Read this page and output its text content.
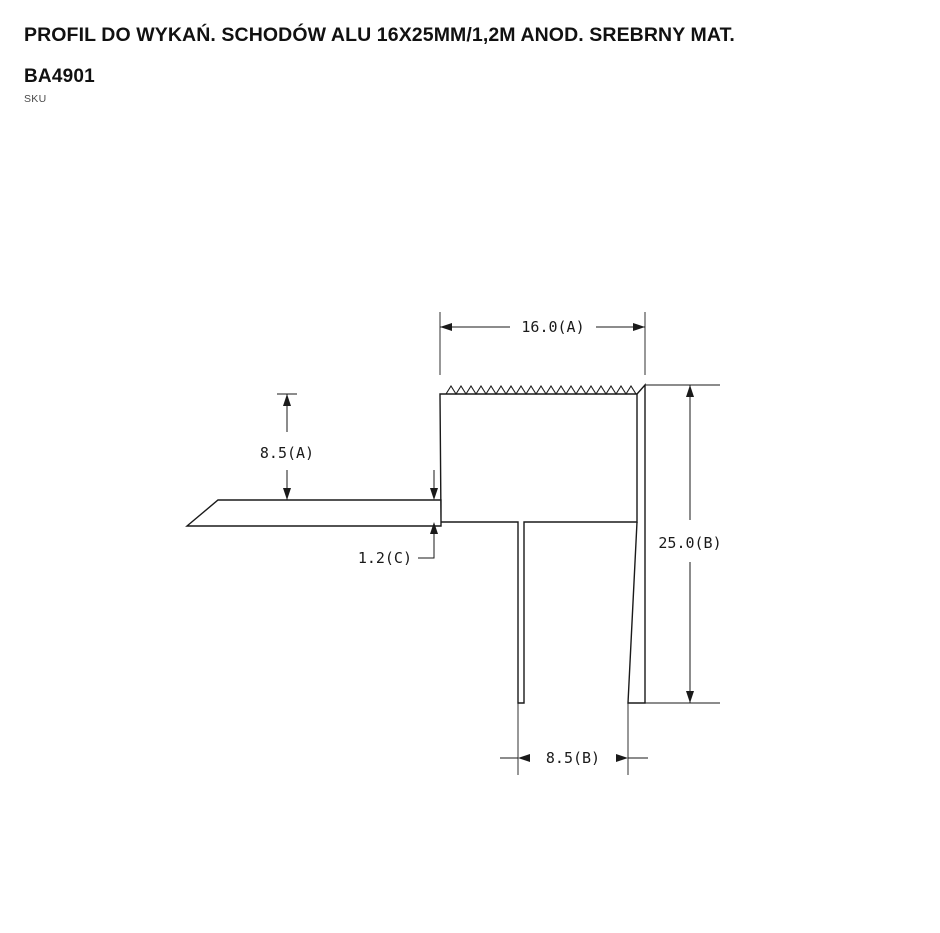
PROFIL DO WYKAŃ. SCHODÓW ALU 16X25MM/1,2M ANOD. SREBRNY MAT.
BA4901
SKU
16.0(A)
8.5(A)
1.2(C)
25.0(B)
8.5(B)
